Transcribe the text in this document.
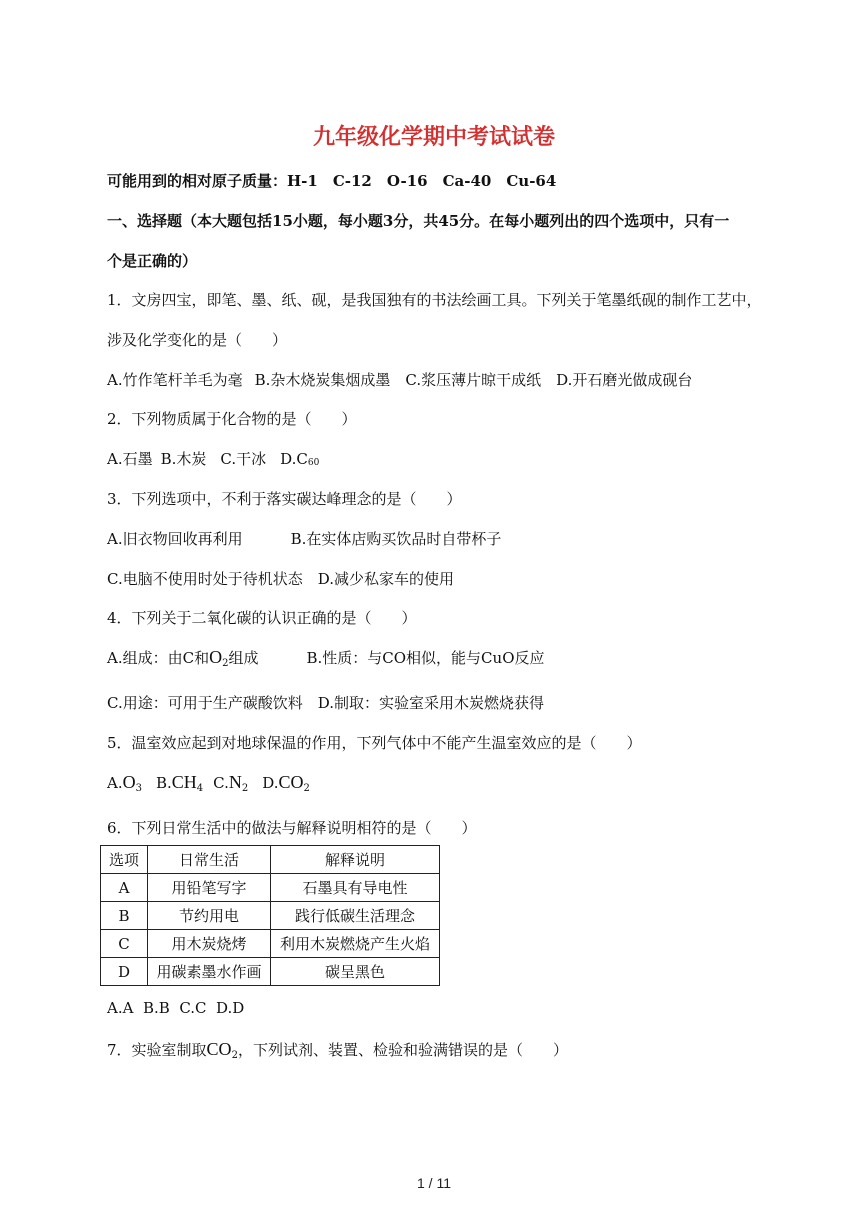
九年级化学期中考试试卷
可能用到的相对原子质量：H-1　C-12　O-16　Ca-40　Cu-64
一、选择题（本大题包括15小题，每小题3分，共45分。在每小题列出的四个选项中，只有一
个是正确的）
1．文房四宝，即笔、墨、纸、砚，是我国独有的书法绘画工具。下列关于笔墨纸砚的制作工艺中，
涉及化学变化的是（　　）
A.竹作笔杆羊毛为毫 B.杂木烧炭集烟成墨 C.浆压薄片晾干成纸 D.开石磨光做成砚台
2．下列物质属于化合物的是（　　）
A.石墨 B.木炭 C.干冰 D.C60
3．下列选项中，不利于落实碳达峰理念的是（　　）
A.旧衣物回收再利用	B.在实体店购买饮品时自带杯子
C.电脑不使用时处于待机状态 D.减少私家车的使用
4．下列关于二氧化碳的认识正确的是（　　）
A.组成：由C和$O_2$组成	B.性质：与CO相似，能与CuO反应
C.用途：可用于生产碳酸饮料 D.制取：实验室采用木炭燃烧获得
5．温室效应起到对地球保温的作用，下列气体中不能产生温室效应的是（　　）
$A.O_3$ $B.CH_4$ $C.N_2$ $D.CO_2$
6．下列日常生活中的做法与解释说明相符的是（　　）
选项	日常生活	解释说明
A	用铅笔写字	石墨具有导电性
B	节约用电	践行低碳生活理念
C	用木炭烧烤	利用木炭燃烧产生火焰
D	用碳素墨水作画	碳呈黑色
A.A  B.B  C.C  D.D
7．实验室制取$CO_2$，下列试剂、装置、检验和验满错误的是（　　）
1 / 11
